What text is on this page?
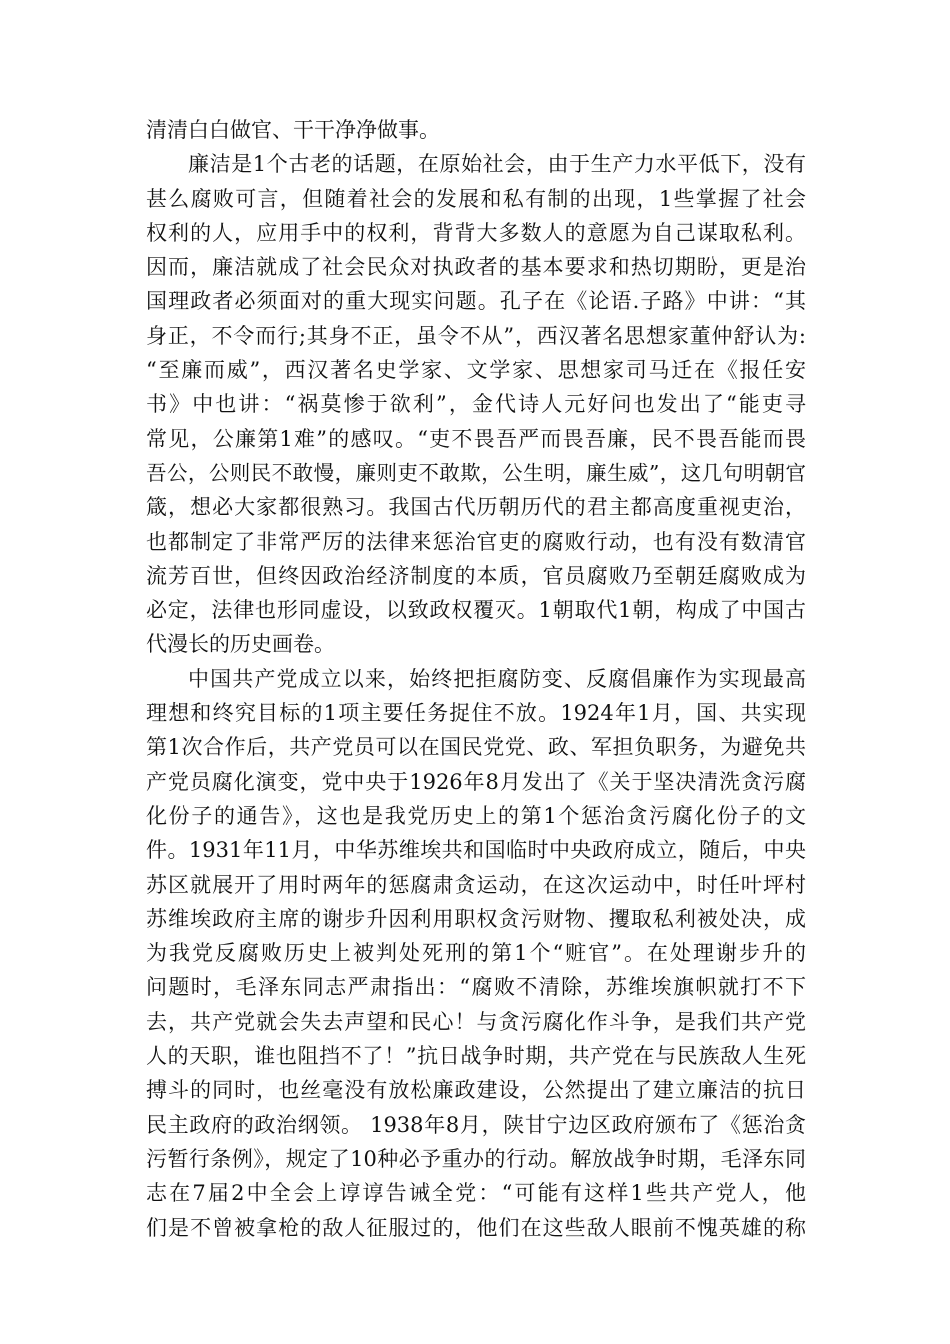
清清白白做官、干干净净做事。
廉洁是1个古老的话题，在原始社会，由于生产力水平低下，没有
甚么腐败可言，但随着社会的发展和私有制的出现，1些掌握了社会
权利的人，应用手中的权利，背背大多数人的意愿为自己谋取私利。
因而，廉洁就成了社会民众对执政者的基本要求和热切期盼，更是治
国理政者必须面对的重大现实问题。孔子在《论语.子路》中讲：“其
身正，不令而行;其身不正，虽令不从”，西汉著名思想家董仲舒认为:
“至廉而威”，西汉著名史学家、文学家、思想家司马迁在《报任安
书》中也讲：“祸莫惨于欲利”，金代诗人元好问也发出了“能吏寻
常见，公廉第1难”的感叹。“吏不畏吾严而畏吾廉，民不畏吾能而畏
吾公，公则民不敢慢，廉则吏不敢欺，公生明，廉生威”，这几句明朝官
箴，想必大家都很熟习。我国古代历朝历代的君主都高度重视吏治，
也都制定了非常严厉的法律来惩治官吏的腐败行动，也有没有数清官
流芳百世，但终因政治经济制度的本质，官员腐败乃至朝廷腐败成为
必定，法律也形同虚设，以致政权覆灭。1朝取代1朝，构成了中国古
代漫长的历史画卷。
中国共产党成立以来，始终把拒腐防变、反腐倡廉作为实现最高
理想和终究目标的1项主要任务捉住不放。1924年1月，国、共实现
第1次合作后，共产党员可以在国民党党、政、军担负职务，为避免共
产党员腐化演变，党中央于1926年8月发出了《关于坚决清洗贪污腐
化份子的通告》，这也是我党历史上的第1个惩治贪污腐化份子的文
件。1931年11月，中华苏维埃共和国临时中央政府成立，随后，中央
苏区就展开了用时两年的惩腐肃贪运动，在这次运动中，时任叶坪村
苏维埃政府主席的谢步升因利用职权贪污财物、攫取私利被处决，成
为我党反腐败历史上被判处死刑的第1个“赃官”。在处理谢步升的
问题时，毛泽东同志严肃指出：“腐败不清除，苏维埃旗帜就打不下
去，共产党就会失去声望和民心！与贪污腐化作斗争，是我们共产党
人的天职，谁也阻挡不了！”抗日战争时期，共产党在与民族敌人生死
搏斗的同时，也丝毫没有放松廉政建设，公然提出了建立廉洁的抗日
民主政府的政治纲领。 1938年8月，陕甘宁边区政府颁布了《惩治贪
污暂行条例》，规定了10种必予重办的行动。解放战争时期，毛泽东同
志在7届2中全会上谆谆告诫全党：“可能有这样1些共产党人，他
们是不曾被拿枪的敌人征服过的，他们在这些敌人眼前不愧英雄的称
